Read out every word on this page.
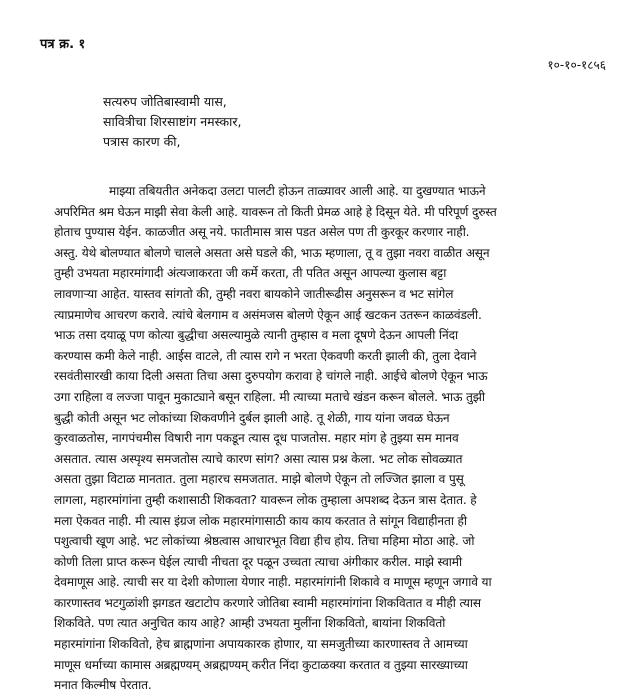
पत्र क्र. १

१०-१०-१८५६

सत्यरुप जोतिबास्वामी यास,
सावित्रीचा शिरसाष्टांग नमस्कार,
पत्रास कारण की,
माझ्या तबियतीत अनेकदा उलटा पालटी होऊन ताळ्यावर आली आहे. या दुखण्यात भाऊने
अपरिमित श्रम घेऊन माझी सेवा केली आहे. यावरून तो किती प्रेमळ आहे हे दिसून येते. मी परिपूर्ण दुरुस्त
होताच पुण्यास येईन. काळजीत असू नये. फातीमास त्रास पडत असेल पण ती कुरकूर करणार नाही.
अस्तु. येथे बोलण्यात बोलणे चालले असता असे घडले की, भाऊ म्हणाला, तू व तुझा नवरा वाळीत असून
तुम्ही उभयता महारमांगादी अंत्यजाकरता जी कर्मे करता, ती पतित असून आपल्या कुलास बट्टा
लावणाऱ्या आहेत. यास्तव सांगतो की, तुम्ही नवरा बायकोने जातीरूढीस अनुसरून व भट सांगेल
त्याप्रमाणेच आचरण करावे. त्यांचे बेलगाम व असंमजस बोलणे ऐकून आई खटकन उतरून काळवंडली.
भाऊ तसा दयाळू पण कोत्या बुद्धीचा असल्यामुळे त्यानी तुम्हास व मला दूषणे देऊन आपली निंदा
करण्यास कमी केले नाही. आईस वाटले, ती त्यास रागे न भरता ऐकवणी करती झाली की, तुला देवाने
रसवंतीसारखी काया दिली असता तिचा असा दुरुपयोग करावा हे चांगले नाही. आईचे बोलणे ऐकून भाऊ
उगा राहिला व लज्जा पावून मुकाट्याने बसून राहिला. मी त्याच्या मताचे खंडन करून बोलले. भाऊ तुझी
बुद्धी कोती असून भट लोकांच्या शिकवणीने दुर्बल झाली आहे. तू शेळी, गाय यांना जवळ घेऊन
कुरवाळतोस, नागपंचमीस विषारी नाग पकडून त्यास दूध पाजतोस. महार मांग हे तुझ्या सम मानव
असतात. त्यास अस्पृश्य समजतोस त्याचे कारण सांग? असा त्यास प्रश्न केला. भट लोक सोवळ्यात
असता तुझा विटाळ मानतात. तुला महारच समजतात. माझे बोलणे ऐकून तो लज्जित झाला व पुसू
लागला, महारमांगांना तुम्ही कशासाठी शिकवता? यावरून लोक तुम्हाला अपशब्द देऊन त्रास देतात. हे
मला ऐकवत नाही. मी त्यास इंग्रज लोक महारमांगासाठी काय काय करतात ते सांगून विद्याहीनता ही
पशुत्वाची खूण आहे. भट लोकांच्या श्रेष्ठत्वास आधारभूत विद्या हीच होय. तिचा महिमा मोठा आहे. जो
कोणी तिला प्राप्त करून घेईल त्याची नीचता दूर पळून उच्चता त्याचा अंगीकार करील. माझे स्वामी
देवमाणूस आहे. त्याची सर या देशी कोणाला येणार नाही. महारमांगांनी शिकावे व माणूस म्हणून जगावे या
कारणास्तव भटगुळांशी झगडत खटाटोप करणारे जोतिबा स्वामी महारमांगांना शिकवितात व मीही त्यास
शिकविते. पण त्यात अनुचित काय आहे? आम्ही उभयता मुलींना शिकवितो, बायांना शिकवितो
महारमांगांना शिकवितो, हेच ब्राह्मणांना अपायकारक होणार, या समजुतीच्या कारणास्तव ते आमच्या
माणूस धर्माच्या कामास अब्रह्मण्यम् अब्रह्मण्यम् करीत निंदा कुटाळक्या करतात व तुझ्या सारख्याच्या
मनात किल्मीष पेरतात.
